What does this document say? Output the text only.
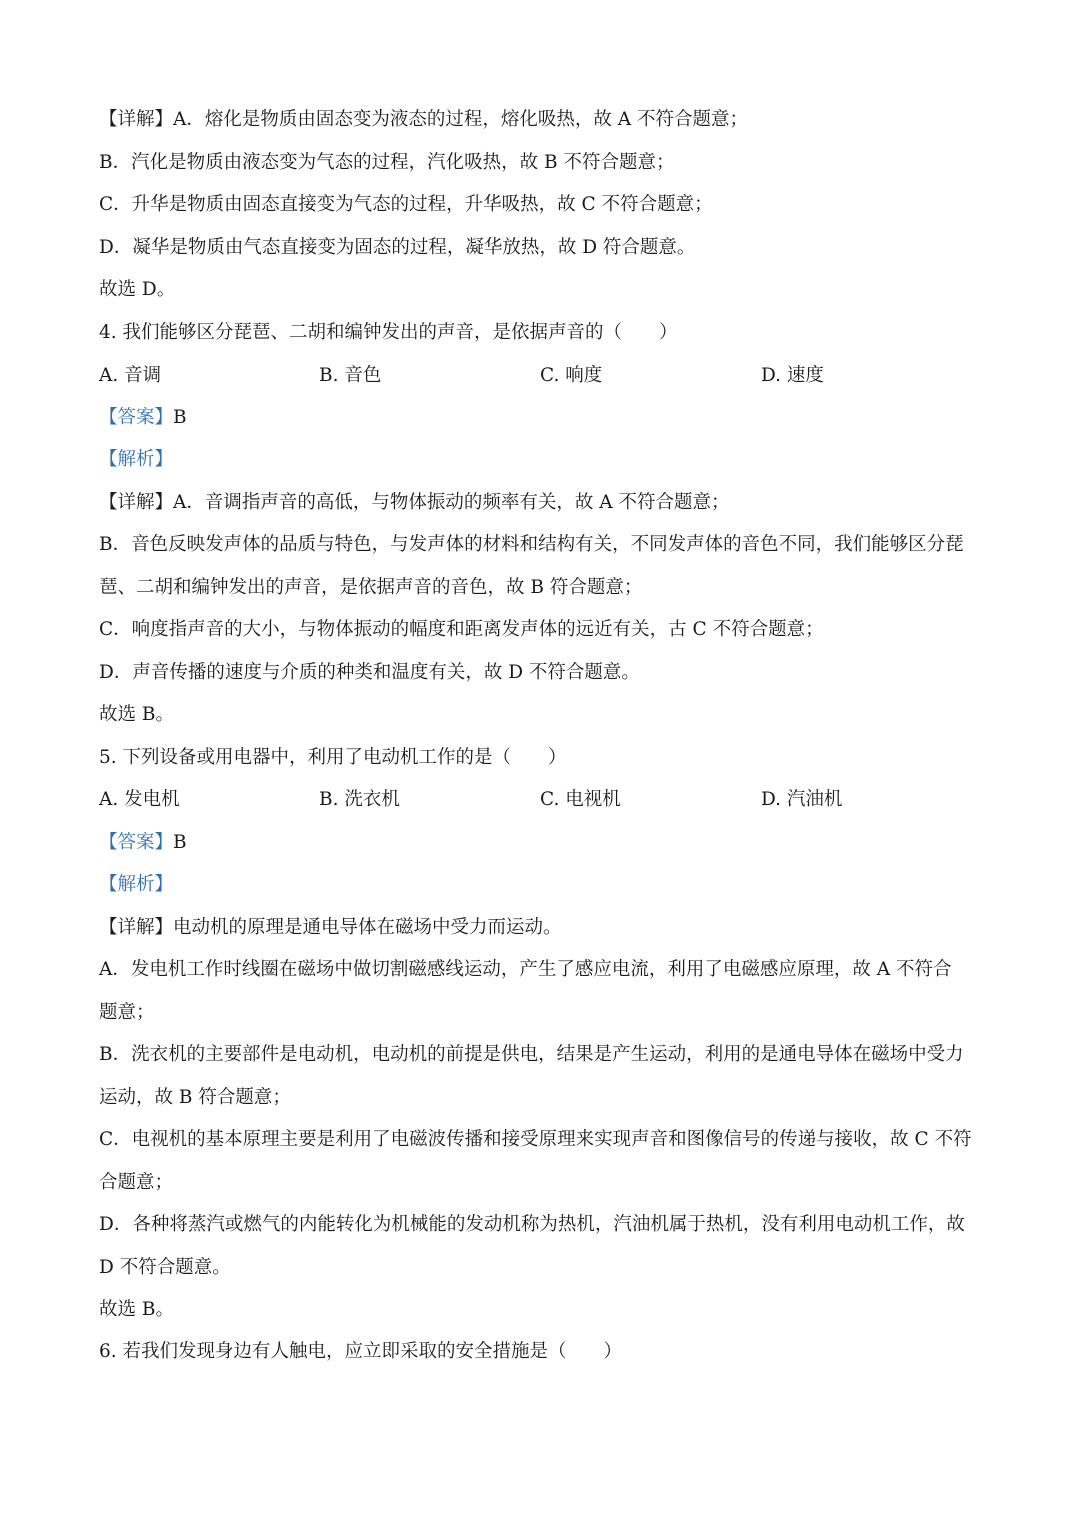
【详解】A．熔化是物质由固态变为液态的过程，熔化吸热，故 A 不符合题意；
B．汽化是物质由液态变为气态的过程，汽化吸热，故 B 不符合题意；
C．升华是物质由固态直接变为气态的过程，升华吸热，故 C 不符合题意；
D．凝华是物质由气态直接变为固态的过程，凝华放热，故 D 符合题意。
故选 D。
4. 我们能够区分琵琶、二胡和编钟发出的声音，是依据声音的（　　）
A. 音调	B. 音色	C. 响度	D. 速度
【答案】B
【解析】
【详解】A．音调指声音的高低，与物体振动的频率有关，故 A 不符合题意；
B．音色反映发声体的品质与特色，与发声体的材料和结构有关，不同发声体的音色不同，我们能够区分琵
琶、二胡和编钟发出的声音，是依据声音的音色，故 B 符合题意；
C．响度指声音的大小，与物体振动的幅度和距离发声体的远近有关，古 C 不符合题意；
D．声音传播的速度与介质的种类和温度有关，故 D 不符合题意。
故选 B。
5. 下列设备或用电器中，利用了电动机工作的是（　　）
A. 发电机	B. 洗衣机	C. 电视机	D. 汽油机
【答案】B
【解析】
【详解】电动机的原理是通电导体在磁场中受力而运动。
A．发电机工作时线圈在磁场中做切割磁感线运动，产生了感应电流，利用了电磁感应原理，故 A 不符合
题意；
B．洗衣机的主要部件是电动机，电动机的前提是供电，结果是产生运动，利用的是通电导体在磁场中受力
运动，故 B 符合题意；
C．电视机的基本原理主要是利用了电磁波传播和接受原理来实现声音和图像信号的传递与接收，故 C 不符
合题意；
D．各种将蒸汽或燃气的内能转化为机械能的发动机称为热机，汽油机属于热机，没有利用电动机工作，故
D 不符合题意。
故选 B。
6. 若我们发现身边有人触电，应立即采取的安全措施是（　　）
